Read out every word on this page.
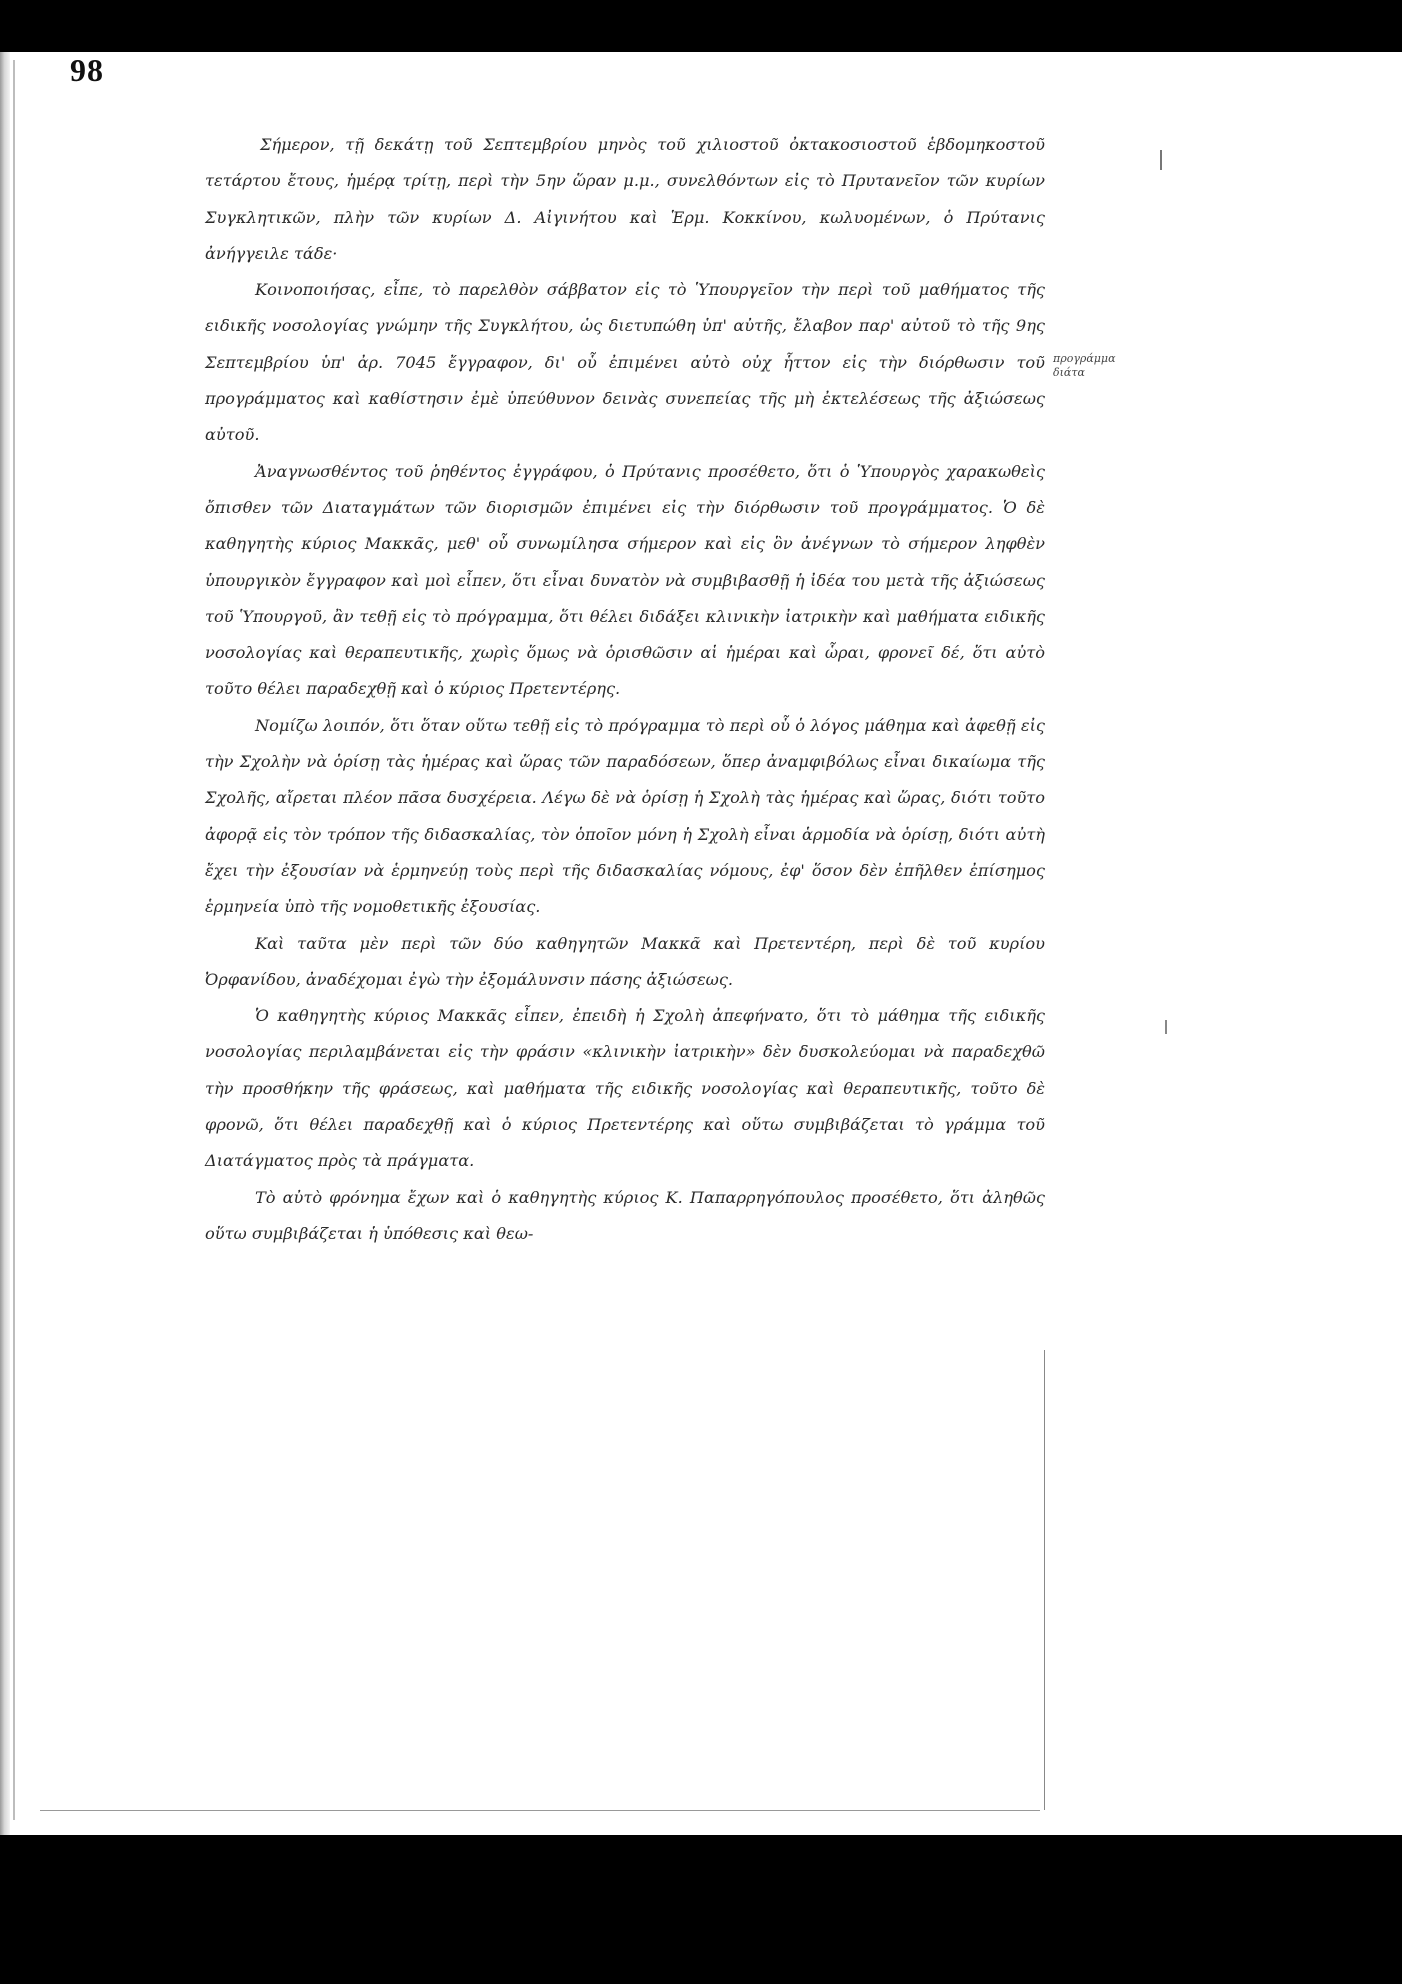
98
προγράμμα διάτα

Σήμερον, τῇ δεκάτῃ τοῦ Σεπτεμβρίου μηνὸς τοῦ χιλιοστοῦ ὀκτακοσιοστοῦ ἑβδομηκοστοῦ τετάρτου ἔτους, ἡμέρᾳ τρίτῃ, περὶ τὴν 5ην ὥραν μ.μ., συνελθόντων εἰς τὸ Πρυτανεῖον τῶν κυρίων Συγκλητικῶν, πλὴν τῶν κυρίων Δ. Αἰγινήτου καὶ Ἑρμ. Κοκκίνου, κωλυομένων, ὁ Πρύτανις ἀνήγγειλε τάδε·

Κοινοποιήσας, εἶπε, τὸ παρελθὸν σάββατον εἰς τὸ Ὑπουργεῖον τὴν περὶ τοῦ μαθήματος τῆς ειδικῆς νοσολογίας γνώμην τῆς Συγκλήτου, ὡς διετυπώθη ὑπ' αὐτῆς, ἔλαβον παρ' αὐτοῦ τὸ τῆς 9ης Σεπτεμβρίου ὑπ' ἀρ. 7045 ἔγγραφον, δι' οὗ ἐπιμένει αὐτὸ οὐχ ἧττον εἰς τὴν διόρθωσιν τοῦ προγράμματος καὶ καθίστησιν ἐμὲ ὑπεύθυνον δεινὰς συνεπείας τῆς μὴ ἐκτελέσεως τῆς ἀξιώσεως αὐτοῦ.

Ἀναγνωσθέντος τοῦ ῥηθέντος ἐγγράφου, ὁ Πρύτανις προσέθετο, ὅτι ὁ Ὑπουργὸς χαρακωθεὶς ὄπισθεν τῶν Διαταγμάτων τῶν διορισμῶν ἐπιμένει εἰς τὴν διόρθωσιν τοῦ προγράμματος. Ὁ δὲ καθηγητὴς κύριος Μακκᾶς, μεθ' οὗ συνωμίλησα σήμερον καὶ εἰς ὃν ἀνέγνων τὸ σήμερον ληφθὲν ὑπουργικὸν ἔγγραφον καὶ μοὶ εἶπεν, ὅτι εἶναι δυνατὸν νὰ συμβιβασθῇ ἡ ἰδέα του μετὰ τῆς ἀξιώσεως τοῦ Ὑπουργοῦ, ἂν τεθῇ εἰς τὸ πρόγραμμα, ὅτι θέλει διδάξει κλινικὴν ἰατρικὴν καὶ μαθήματα ειδικῆς νοσολογίας καὶ θεραπευτικῆς, χωρὶς ὅμως νὰ ὁρισθῶσιν αἱ ἡμέραι καὶ ὧραι, φρονεῖ δέ, ὅτι αὐτὸ τοῦτο θέλει παραδεχθῇ καὶ ὁ κύριος Πρετεντέρης.

Νομίζω λοιπόν, ὅτι ὅταν οὕτω τεθῇ εἰς τὸ πρόγραμμα τὸ περὶ οὗ ὁ λόγος μάθημα καὶ ἀφεθῇ εἰς τὴν Σχολὴν νὰ ὁρίσῃ τὰς ἡμέρας καὶ ὥρας τῶν παραδόσεων, ὅπερ ἀναμφιβόλως εἶναι δικαίωμα τῆς Σχολῆς, αἴρεται πλέον πᾶσα δυσχέρεια. Λέγω δὲ νὰ ὁρίσῃ ἡ Σχολὴ τὰς ἡμέρας καὶ ὥρας, διότι τοῦτο ἀφορᾷ εἰς τὸν τρόπον τῆς διδασκαλίας, τὸν ὁποῖον μόνη ἡ Σχολὴ εἶναι ἁρμοδία νὰ ὁρίσῃ, διότι αὐτὴ ἔχει τὴν ἐξουσίαν νὰ ἑρμηνεύῃ τοὺς περὶ τῆς διδασκαλίας νόμους, ἐφ' ὅσον δὲν ἐπῆλθεν ἐπίσημος ἑρμηνεία ὑπὸ τῆς νομοθετικῆς ἐξουσίας.

Καὶ ταῦτα μὲν περὶ τῶν δύο καθηγητῶν Μακκᾶ καὶ Πρετεντέρη, περὶ δὲ τοῦ κυρίου Ὀρφανίδου, ἀναδέχομαι ἐγὼ τὴν ἐξομάλυνσιν πάσης ἀξιώσεως.

Ὁ καθηγητὴς κύριος Μακκᾶς εἶπεν, ἐπειδὴ ἡ Σχολὴ ἀπεφήνατο, ὅτι τὸ μάθημα τῆς ειδικῆς νοσολογίας περιλαμβάνεται εἰς τὴν φράσιν «κλινικὴν ἰατρικὴν» δὲν δυσκολεύομαι νὰ παραδεχθῶ τὴν προσθήκην τῆς φράσεως, καὶ μαθήματα τῆς ειδικῆς νοσολογίας καὶ θεραπευτικῆς, τοῦτο δὲ φρονῶ, ὅτι θέλει παραδεχθῇ καὶ ὁ κύριος Πρετεντέρης καὶ οὕτω συμβιβάζεται τὸ γράμμα τοῦ Διατάγματος πρὸς τὰ πράγματα.

Τὸ αὐτὸ φρόνημα ἔχων καὶ ὁ καθηγητὴς κύριος Κ. Παπαρρηγόπουλος προσέθετο, ὅτι ἀληθῶς οὕτω συμβιβάζεται ἡ ὑπόθεσις καὶ θεω-
